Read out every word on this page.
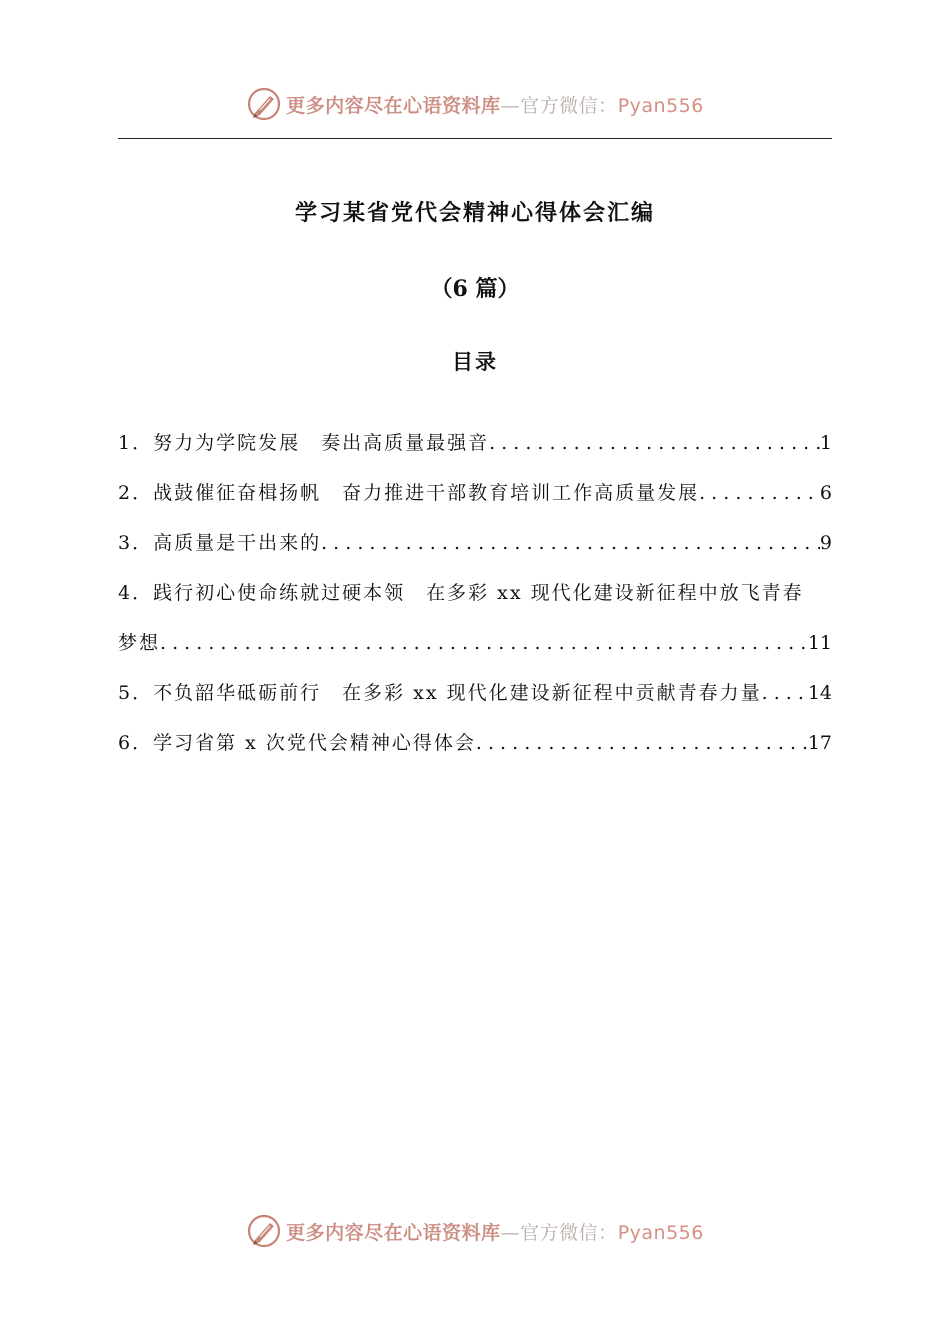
更多内容尽在心语资料库—官方微信：Pyan556
学习某省党代会精神心得体会汇编
（6 篇）
目录
1．努力为学院发展　奏出高质量最强音 . . .	1
2．战鼓催征奋楫扬帆　奋力推进干部教育培训工作高质量发展 . . .	6
3．高质量是干出来的 . . .	9
4．践行初心使命练就过硬本领　在多彩 xx 现代化建设新征程中放飞青春
梦想 . . .	11
5．不负韶华砥砺前行　在多彩 xx 现代化建设新征程中贡献青春力量 . . . 14
6．学习省第 x 次党代会精神心得体会 . . .	17
更多内容尽在心语资料库—官方微信：Pyan556
